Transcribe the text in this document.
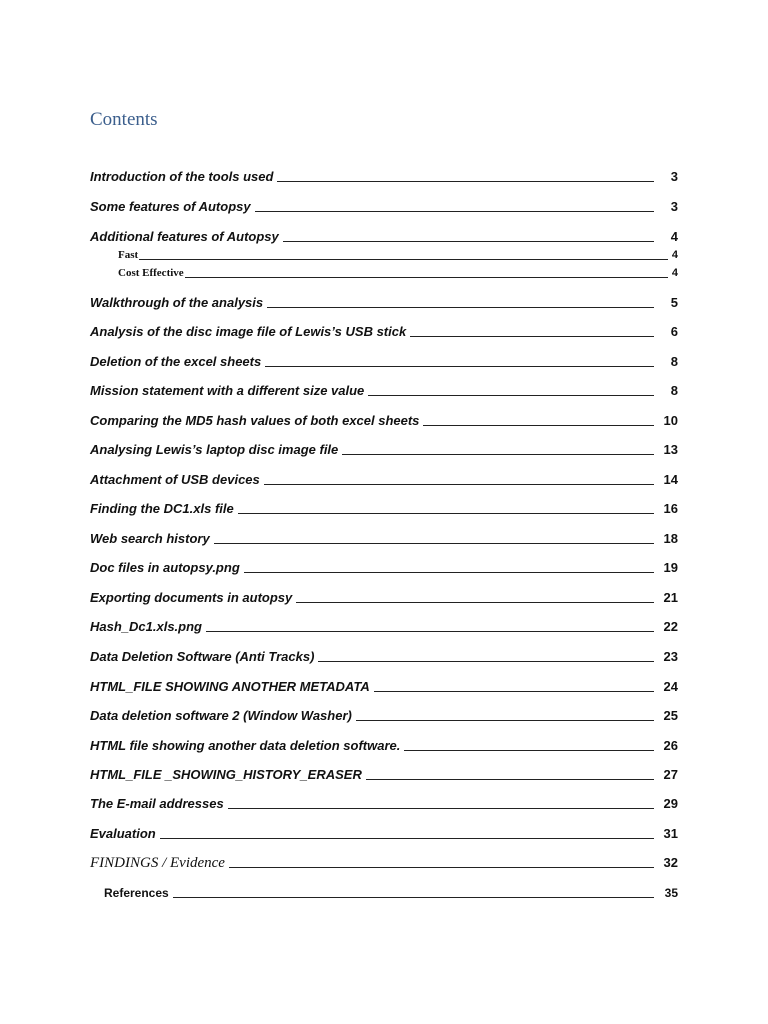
Contents
Introduction of the tools used	3
Some features of Autopsy	3
Additional features of Autopsy	4
Fast	4
Cost Effective	4
Walkthrough of the analysis	5
Analysis of the disc image file of Lewis’s USB stick	6
Deletion of the excel sheets	8
Mission statement with a different size value	8
Comparing the MD5 hash values of both excel sheets	10
Analysing Lewis’s laptop disc image file	13
Attachment of USB devices	14
Finding the DC1.xls file	16
Web search history	18
Doc files in autopsy.png	19
Exporting documents in autopsy	21
Hash_Dc1.xls.png	22
Data Deletion Software (Anti Tracks)	23
HTML_FILE SHOWING ANOTHER METADATA	24
Data deletion software 2 (Window Washer)	25
HTML file showing another data deletion software.	26
HTML_FILE _SHOWING_HISTORY_ERASER	27
The E-mail addresses	29
Evaluation	31
FINDINGS / Evidence	32
References	35
